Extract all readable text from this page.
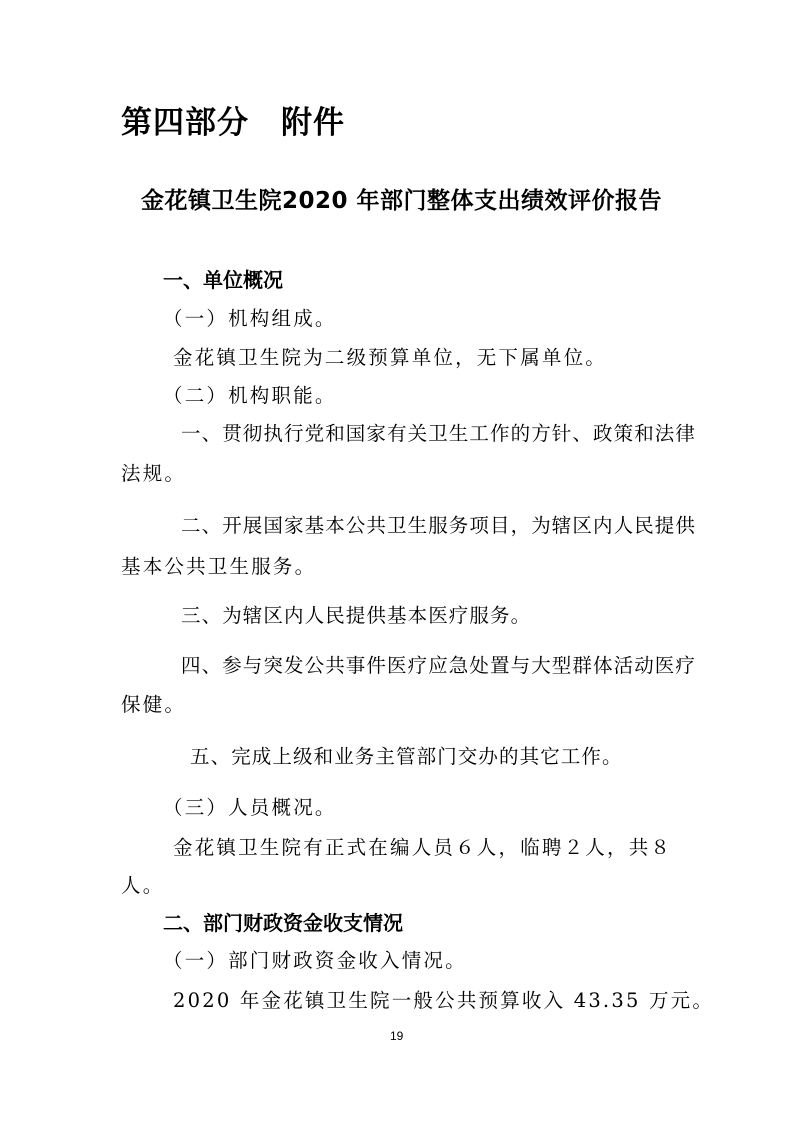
第四部分　附件
金花镇卫生院2020 年部门整体支出绩效评价报告
一、单位概况
（一）机构组成。
金花镇卫生院为二级预算单位，无下属单位。
（二）机构职能。
一、贯彻执行党和国家有关卫生工作的方针、政策和法律
法规。
二、开展国家基本公共卫生服务项目，为辖区内人民提供
基本公共卫生服务。
三、为辖区内人民提供基本医疗服务。
四、参与突发公共事件医疗应急处置与大型群体活动医疗
保健。
五、完成上级和业务主管部门交办的其它工作。
（三）人员概况。
金花镇卫生院有正式在编人员６人，临聘２人，共８
人。
二、部门财政资金收支情况
（一）部门财政资金收入情况。
2020 年金花镇卫生院一般公共预算收入 43.35 万元。
19
